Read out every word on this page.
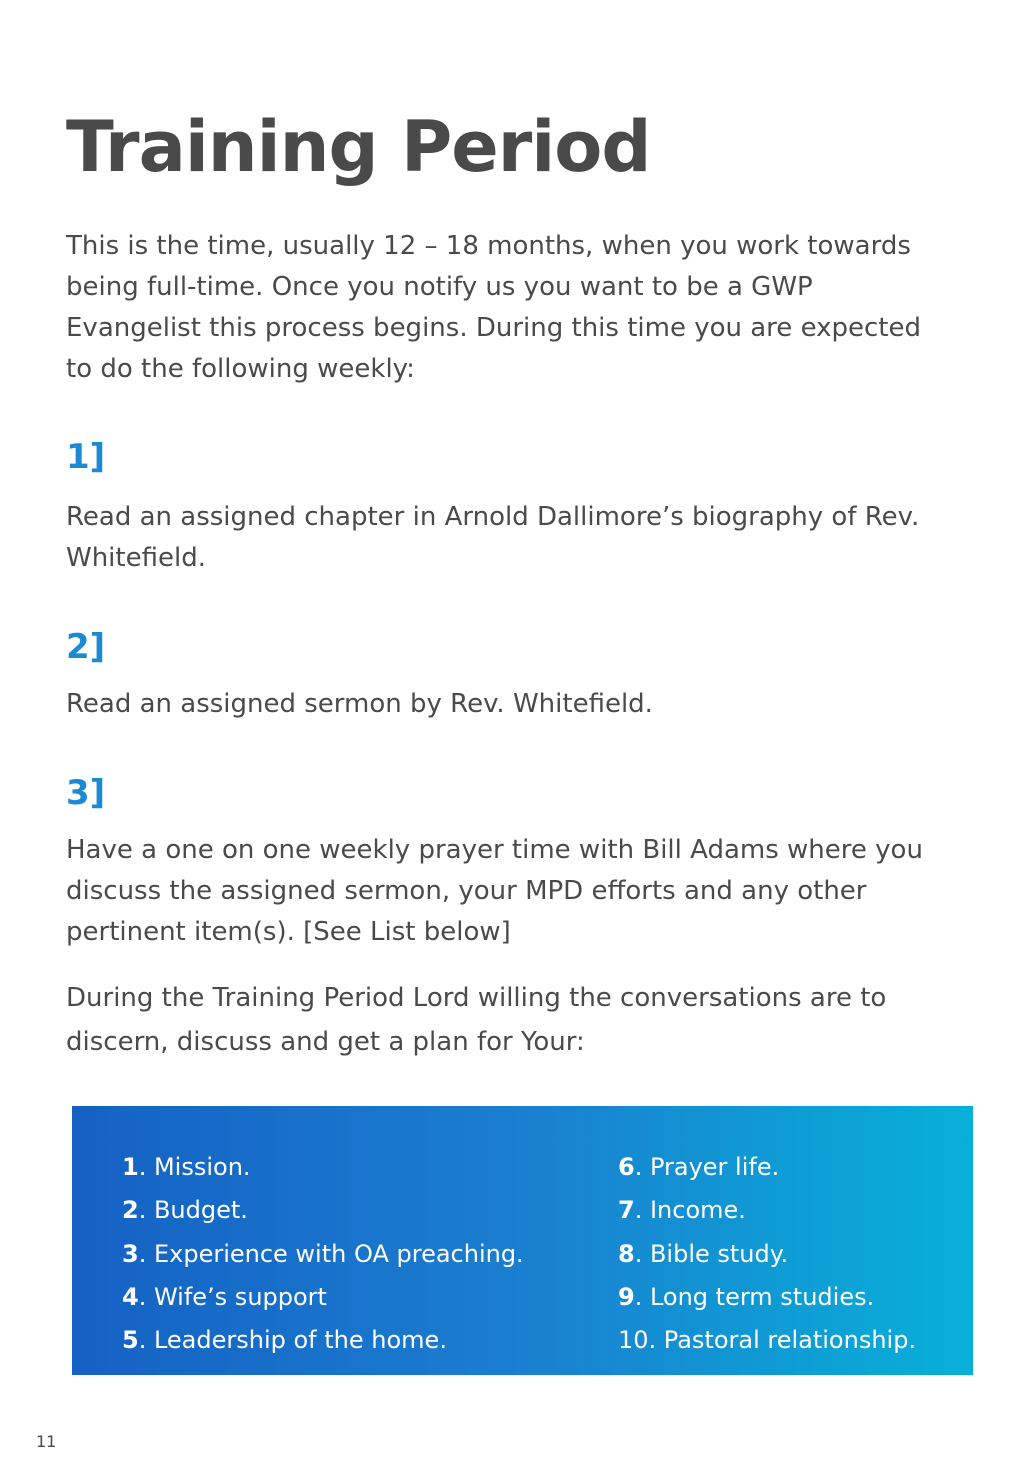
Training Period

This is the time, usually 12 – 18 months, when you work towards being full-time. Once you notify us you want to be a GWP Evangelist this process begins. During this time you are expected to do the following weekly:

1]

Read an assigned chapter in Arnold Dallimore’s biography of Rev. Whitefield.

2]

Read an assigned sermon by Rev. Whitefield.

3]

Have a one on one weekly prayer time with Bill Adams where you discuss the assigned sermon, your MPD efforts and any other pertinent item(s). [See List below]

During the Training Period Lord willing the conversations are to discern, discuss and get a plan for Your:

1. Mission.
2. Budget.
3. Experience with OA preaching.
4. Wife’s support
5. Leadership of the home.
6. Prayer life.
7. Income.
8. Bible study.
9. Long term studies.
10. Pastoral relationship.
11
